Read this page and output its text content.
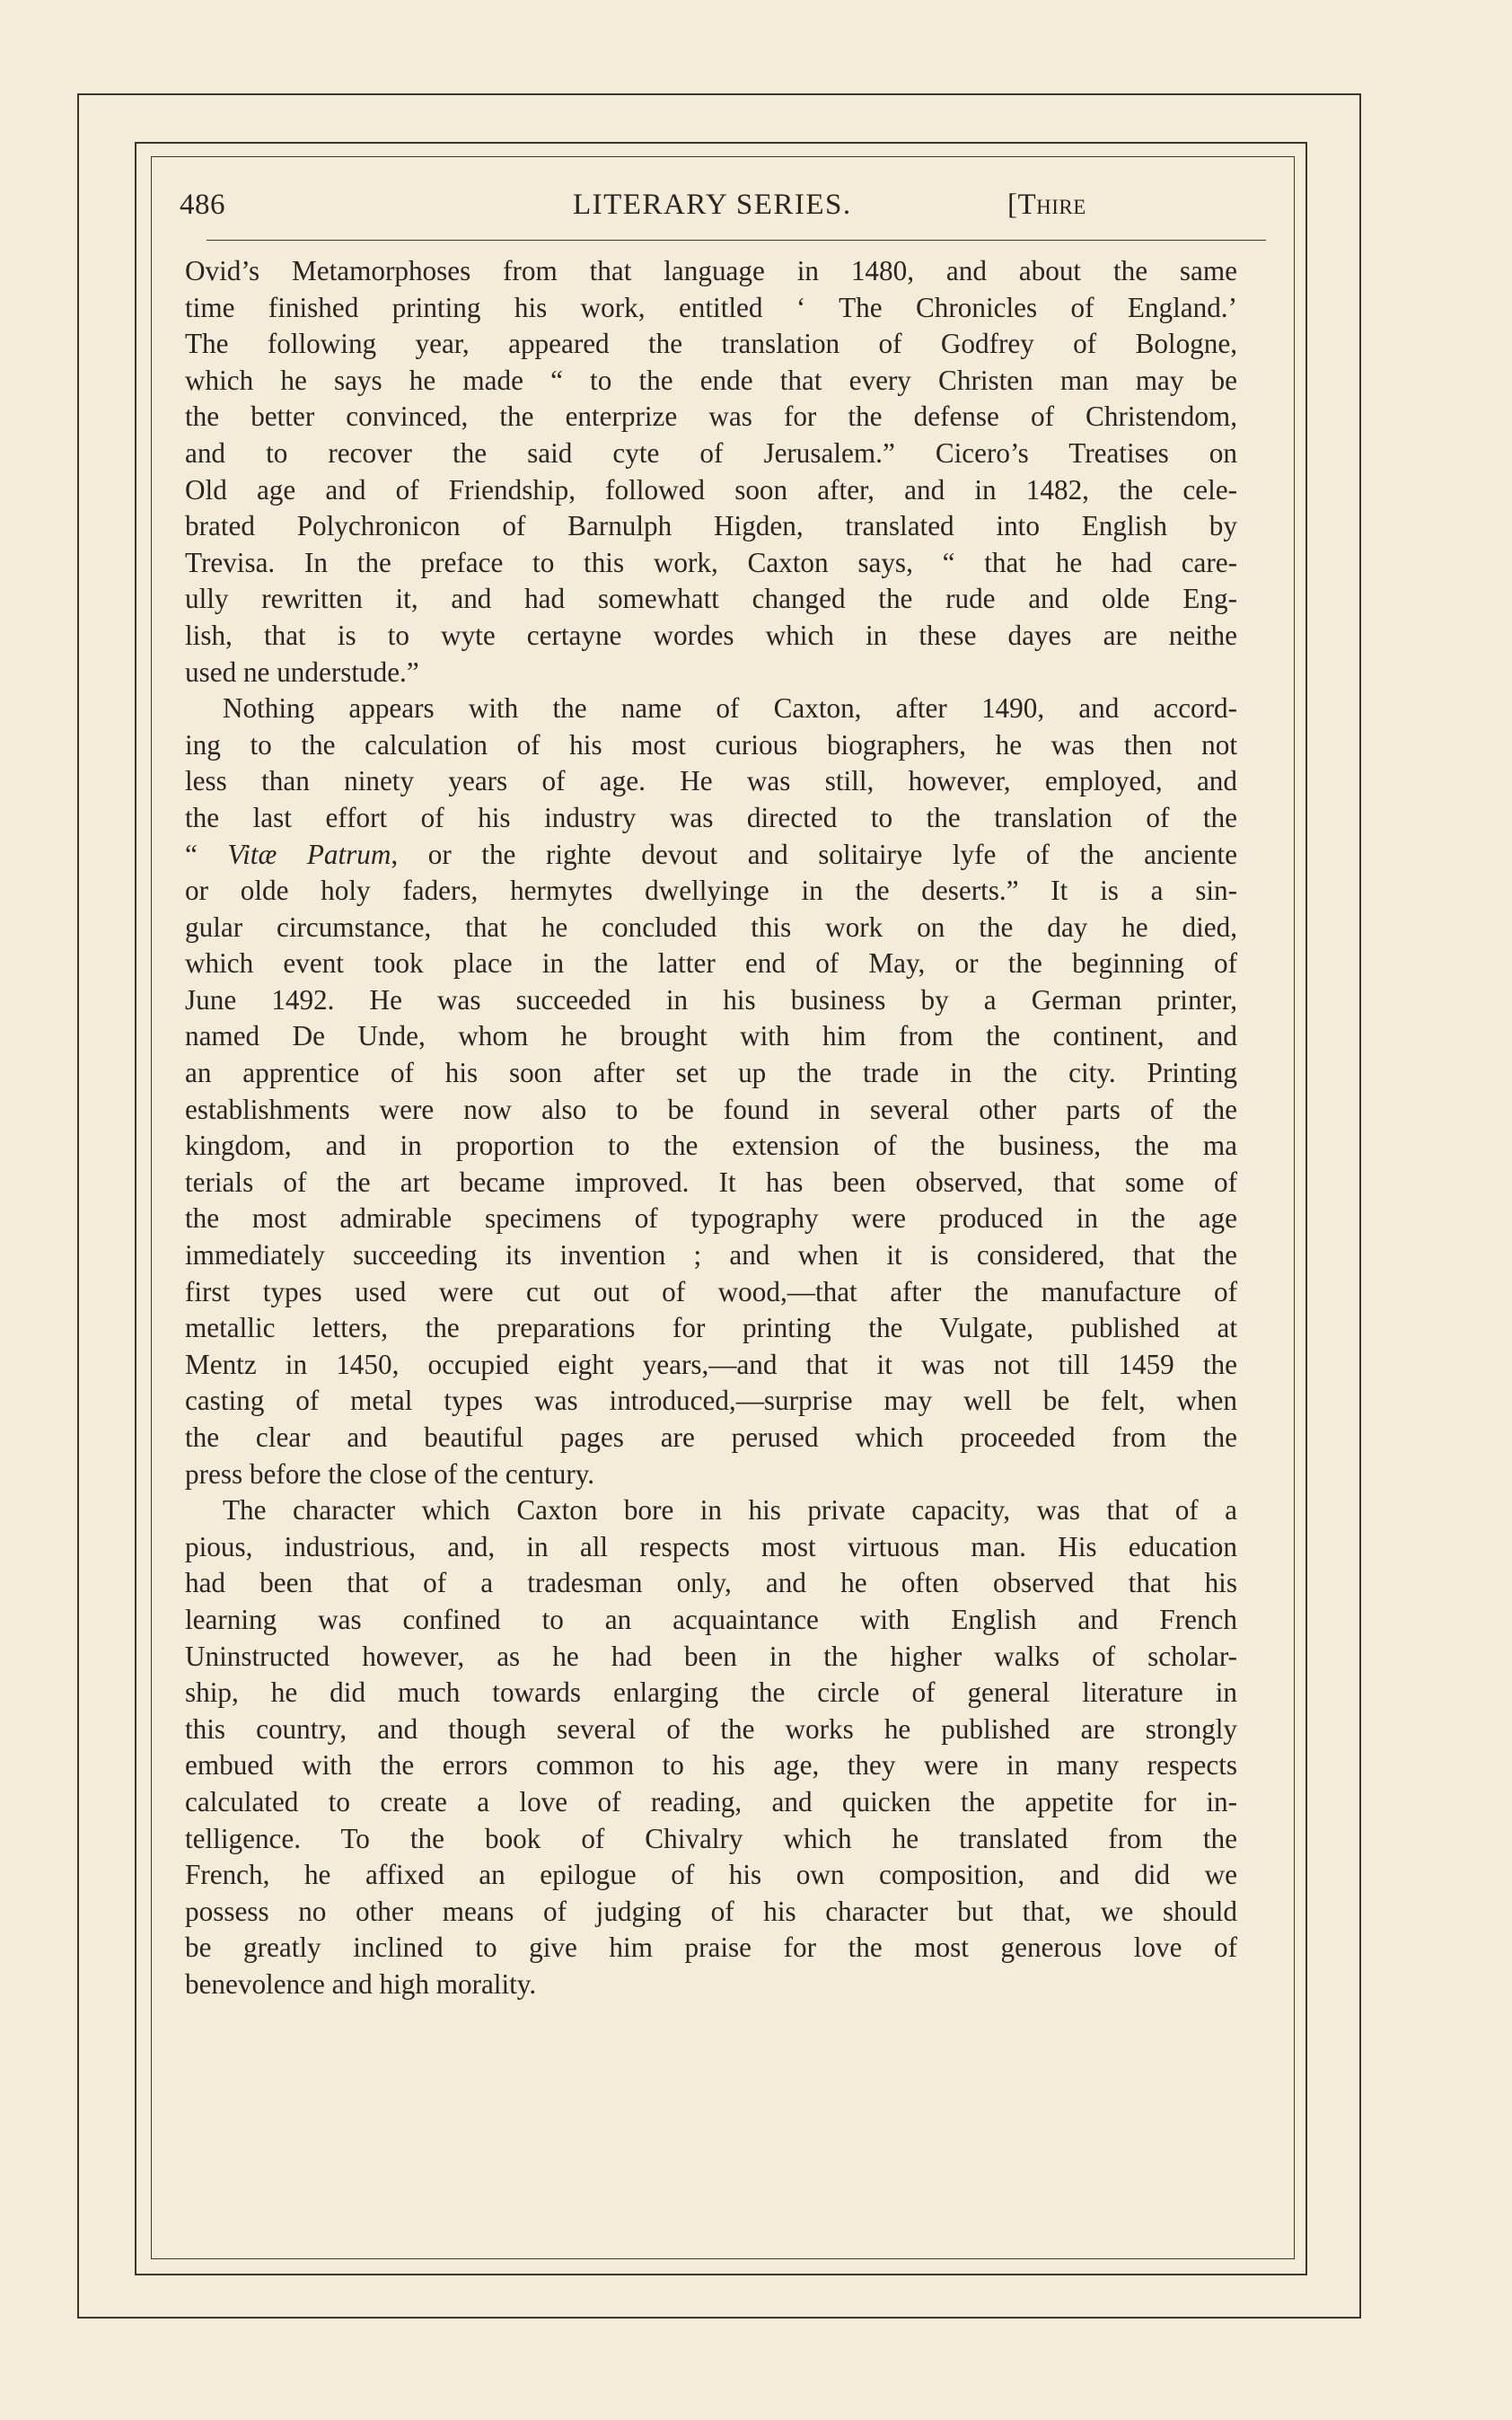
486	LITERARY SERIES.	[Thire
Ovid’s Metamorphoses from that language in 1480, and about the same
time finished printing his work, entitled ‘ The Chronicles of England.’
The following year, appeared the translation of Godfrey of Bologne,
which he says he made “ to the ende that every Christen man may be
the better convinced, the enterprize was for the defense of Christendom,
and to recover the said cyte of Jerusalem.” Cicero’s Treatises on
Old age and of Friendship, followed soon after, and in 1482, the cele-
brated Polychronicon of Barnulph Higden, translated into English by
Trevisa. In the preface to this work, Caxton says, “ that he had care-
ully rewritten it, and had somewhatt changed the rude and olde Eng-
lish, that is to wyte certayne wordes which in these dayes are neithe
used ne understude.”
Nothing appears with the name of Caxton, after 1490, and accord-
ing to the calculation of his most curious biographers, he was then not
less than ninety years of age. He was still, however, employed, and
the last effort of his industry was directed to the translation of the
“ Vitæ Patrum, or the righte devout and solitairye lyfe of the anciente
or olde holy faders, hermytes dwellyinge in the deserts.” It is a sin-
gular circumstance, that he concluded this work on the day he died,
which event took place in the latter end of May, or the beginning of
June 1492. He was succeeded in his business by a German printer,
named De Unde, whom he brought with him from the continent, and
an apprentice of his soon after set up the trade in the city. Printing
establishments were now also to be found in several other parts of the
kingdom, and in proportion to the extension of the business, the ma
terials of the art became improved. It has been observed, that some of
the most admirable specimens of typography were produced in the age
immediately succeeding its invention ; and when it is considered, that the
first types used were cut out of wood,—that after the manufacture of
metallic letters, the preparations for printing the Vulgate, published at
Mentz in 1450, occupied eight years,—and that it was not till 1459 the
casting of metal types was introduced,—surprise may well be felt, when
the clear and beautiful pages are perused which proceeded from the
press before the close of the century.
The character which Caxton bore in his private capacity, was that of a
pious, industrious, and, in all respects most virtuous man. His education
had been that of a tradesman only, and he often observed that his
learning was confined to an acquaintance with English and French
Uninstructed however, as he had been in the higher walks of scholar-
ship, he did much towards enlarging the circle of general literature in
this country, and though several of the works he published are strongly
embued with the errors common to his age, they were in many respects
calculated to create a love of reading, and quicken the appetite for in-
telligence. To the book of Chivalry which he translated from the
French, he affixed an epilogue of his own composition, and did we
possess no other means of judging of his character but that, we should
be greatly inclined to give him praise for the most generous love of
benevolence and high morality.
